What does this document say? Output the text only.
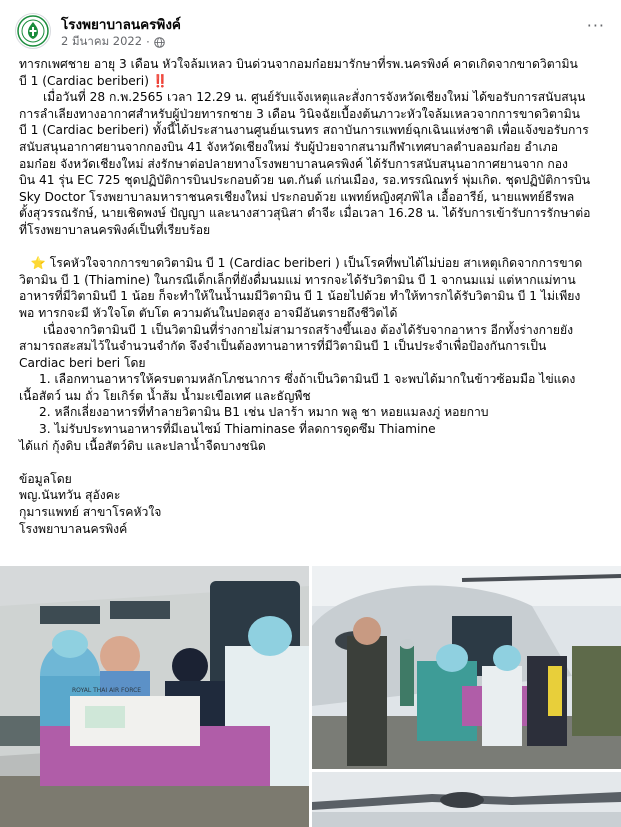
โรงพยาบาลนครพิงค์
2 มีนาคม 2022 ·
···

ทารกเพศชาย อายุ 3 เดือน หัวใจล้มเหลว บินด่วนจากอมก๋อยมารักษาที่รพ.นครพิงค์ คาดเกิดจากขาดวิตามิน

บี 1 (Cardiac beriberi) ‼️

เมื่อวันที่ 28 ก.พ.2565 เวลา 12.29 น. ศูนย์รับแจ้งเหตุและสั่งการจังหวัดเชียงใหม่ ได้ขอรับการสนับสนุน

การลำเลียงทางอากาศสำหรับผู้ป่วยทารกชาย 3 เดือน วินิจฉัยเบื้องต้นภาวะหัวใจล้มเหลวจากการขาดวิตามิน

บี 1 (Cardiac beriberi) ทั้งนี้ได้ประสานงานศูนย์นเรนทร สถาบันการแพทย์ฉุกเฉินแห่งชาติ เพื่อแจ้งขอรับการ

สนับสนุนอากาศยานจากกองบิน 41 จังหวัดเชียงใหม่ รับผู้ป่วยจากสนามกีฬาเทศบาลตำบลอมก๋อย อำเภอ

อมก๋อย จังหวัดเชียงใหม่ ส่งรักษาต่อปลายทางโรงพยาบาลนครพิงค์ ได้รับการสนับสนุนอากาศยานจาก กอง

บิน 41 รุ่น EC 725 ชุดปฏิบัติการบินประกอบด้วย นต.กันต์ แก่นเมือง, รอ.ทรรณิณทร์ พุ่มเกิด. ชุดปฏิบัติการบิน

Sky Doctor โรงพยาบาลมหาราชนครเชียงใหม่ ประกอบด้วย แพทย์หญิงศุภพิไล เอื้ออารีย์, นายแพทย์ธีรพล

ตั้งสุวรรณรักษ์, นายเชิดพงษ์ ปัญญา และนางสาวสุนิสา ตำจีะ เมื่อเวลา 16.28 น. ได้รับการเข้ารับการรักษาต่อ

ที่โรงพยาบาลนครพิงค์เป็นที่เรียบร้อย

⭐ โรคหัวใจจากการขาดวิตามิน บี 1 (Cardiac beriberi ) เป็นโรคที่พบได้ไม่บ่อย สาเหตุเกิดจากการขาด

วิตามิน บี 1 (Thiamine) ในกรณีเด็กเล็กที่ยังดื่มนมแม่ ทารกจะได้รับวิตามิน บี 1 จากนมแม่ แต่หากแม่ทาน

อาหารที่มีวิตามินบี 1 น้อย ก็จะทำให้ในน้ำนมมีวิตามิน บี 1 น้อยไปด้วย ทำให้ทารกได้รับวิตามิน บี 1 ไม่เพียง

พอ ทารกจะมี หัวใจโต ตับโต ความดันในปอดสูง อาจมีอันตรายถึงชีวิตได้

เนื่องจากวิตามินบี 1 เป็นวิตามินที่ร่างกายไม่สามารถสร้างขึ้นเอง ต้องได้รับจากอาหาร อีกทั้งร่างกายยัง

สามารถสะสมไว้ในจำนวนจำกัด จึงจำเป็นต้องทานอาหารที่มีวิตามินบี 1 เป็นประจำเพื่อป้องกันการเป็น

Cardiac beri beri โดย

1. เลือกทานอาหารให้ครบตามหลักโภชนาการ ซึ่งถ้าเป็นวิตามินบี 1 จะพบได้มากในข้าวซ้อมมือ ไข่แดง

เนื้อสัตว์ นม ถั่ว โยเกิร์ต น้ำส้ม น้ำมะเขือเทศ และธัญพืช

2. หลีกเลี่ยงอาหารที่ทำลายวิตามิน B1 เช่น ปลาร้า หมาก พลู ชา หอยแมลงภู่ หอยกาบ

3. ไม่รับประทานอาหารที่มีเอนไซม์ Thiaminase ที่ลดการดูดซึม Thiamine

ได้แก่ กุ้งดิบ เนื้อสัตว์ดิบ และปลาน้ำจืดบางชนิด

ข้อมูลโดย

พญ.นันทวัน สุอังคะ

กุมารแพทย์ สาขาโรคหัวใจ

โรงพยาบาลนครพิงค์

ROYAL THAI AIR FORCE
